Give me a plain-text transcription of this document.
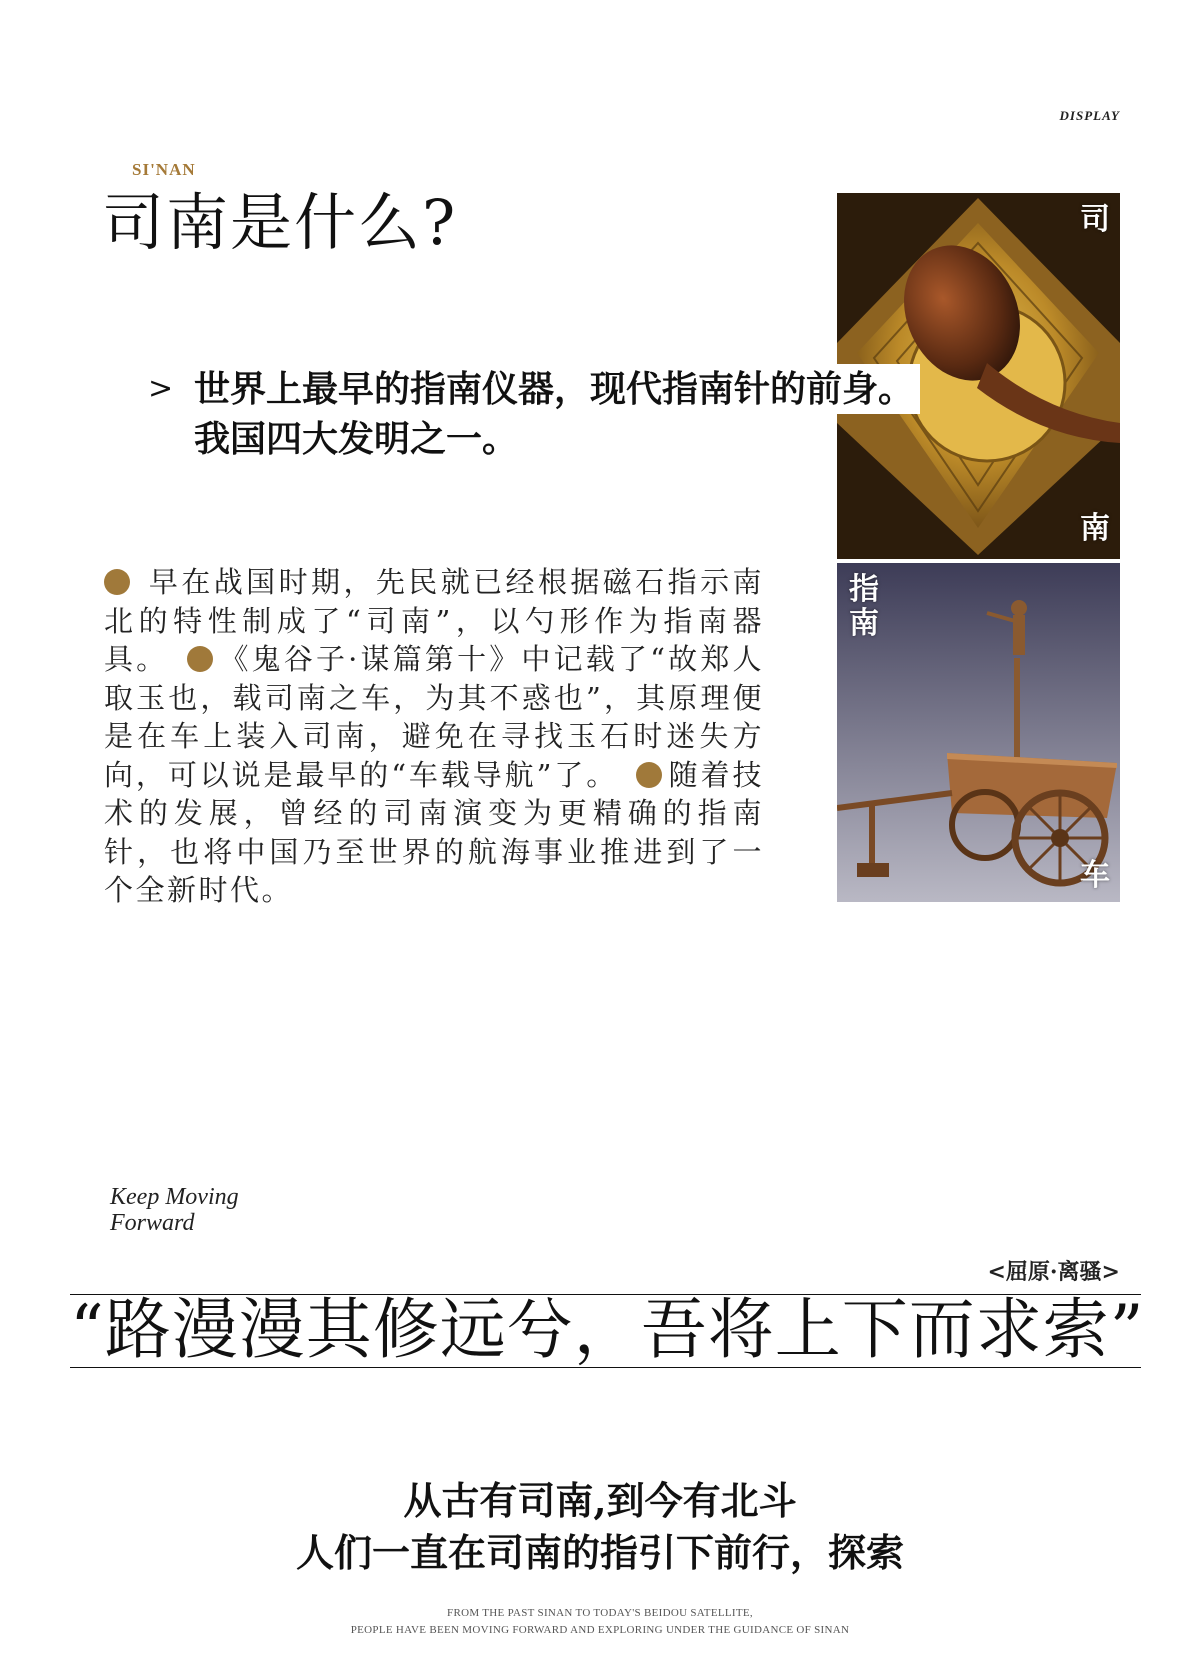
DISPLAY
SI'NAN
司南是什么?	司
南
指
南
车
> 世界上最早的指南仪器，现代指南针的前身。
我国四大发明之一。
早在战国时期，先民就已经根据磁石指示南北的特性制成了“司南”，以勺形作为指南器具。 《鬼谷子·谋篇第十》中记载了“故郑人取玉也，载司南之车，为其不惑也”，其原理便是在车上装入司南，避免在寻找玉石时迷失方向，可以说是最早的“车载导航”了。 随着技术的发展，曾经的司南演变为更精确的指南针，也将中国乃至世界的航海事业推进到了一个全新时代。
Keep Moving
Forward
<屈原·离骚>
“路漫漫其修远兮，吾将上下而求索”
从古有司南,到今有北斗
人们一直在司南的指引下前行，探索
FROM THE PAST SINAN TO TODAY'S BEIDOU SATELLITE,
PEOPLE HAVE BEEN MOVING FORWARD AND EXPLORING UNDER THE GUIDANCE OF SINAN
